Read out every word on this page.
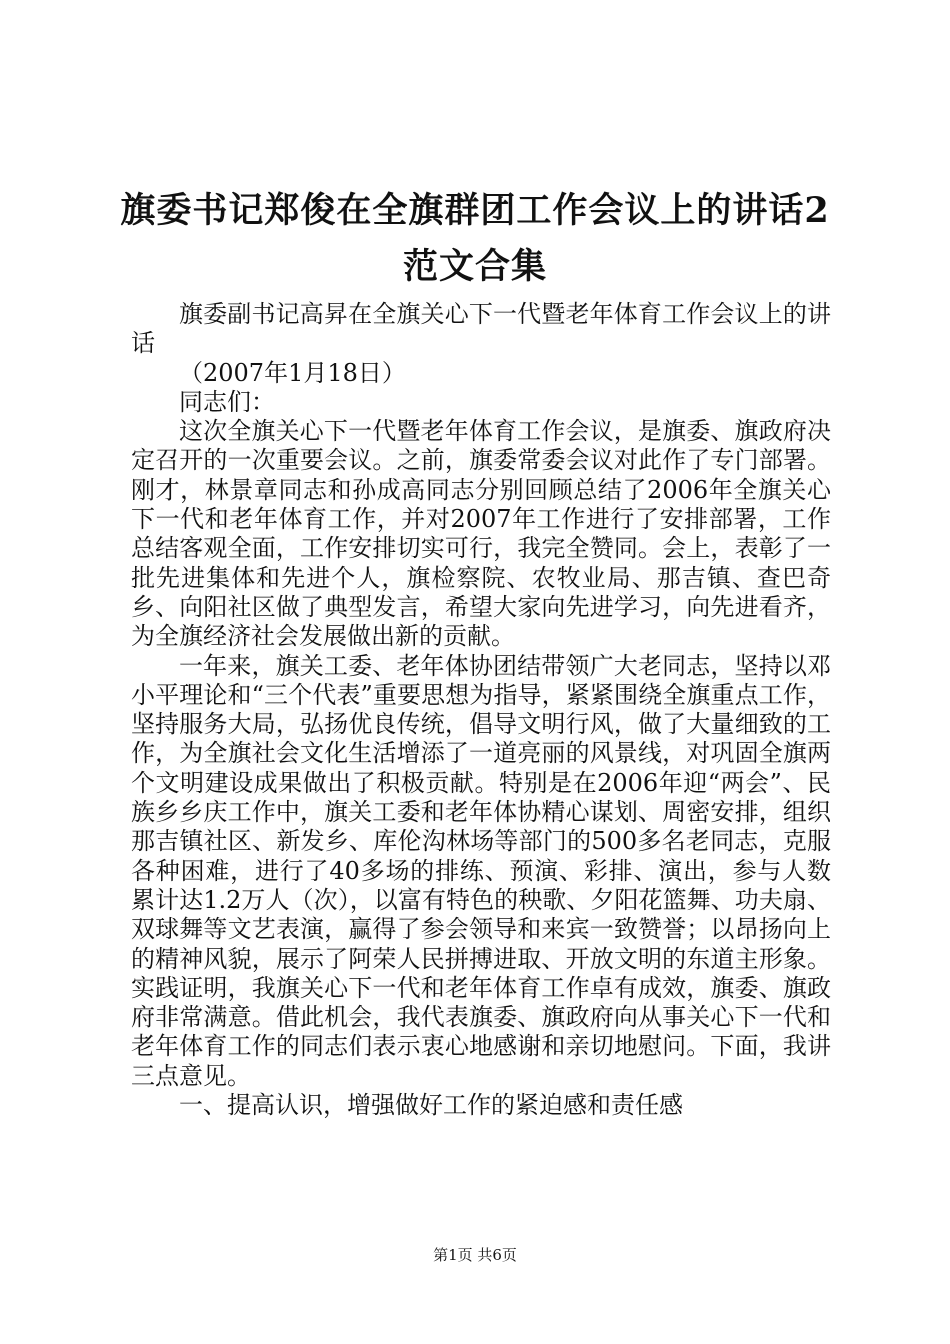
旗委书记郑俊在全旗群团工作会议上的讲话2范文合集

旗委副书记高昇在全旗关心下一代暨老年体育工作会议上的讲话

（2007年1月18日）

同志们：

这次全旗关心下一代暨老年体育工作会议，是旗委、旗政府决定召开的一次重要会议。之前，旗委常委会议对此作了专门部署。刚才，林景章同志和孙成高同志分别回顾总结了2006年全旗关心下一代和老年体育工作，并对2007年工作进行了安排部署，工作总结客观全面，工作安排切实可行，我完全赞同。会上，表彰了一批先进集体和先进个人，旗检察院、农牧业局、那吉镇、查巴奇乡、向阳社区做了典型发言，希望大家向先进学习，向先进看齐，为全旗经济社会发展做出新的贡献。

一年来，旗关工委、老年体协团结带领广大老同志，坚持以邓小平理论和“三个代表”重要思想为指导，紧紧围绕全旗重点工作，坚持服务大局，弘扬优良传统，倡导文明行风，做了大量细致的工作，为全旗社会文化生活增添了一道亮丽的风景线，对巩固全旗两个文明建设成果做出了积极贡献。特别是在2006年迎“两会”、民族乡乡庆工作中，旗关工委和老年体协精心谋划、周密安排，组织那吉镇社区、新发乡、库伦沟林场等部门的500多名老同志，克服各种困难，进行了40多场的排练、预演、彩排、演出，参与人数累计达1.2万人（次），以富有特色的秧歌、夕阳花篮舞、功夫扇、双球舞等文艺表演，赢得了参会领导和来宾一致赞誉；以昂扬向上的精神风貌，展示了阿荣人民拼搏进取、开放文明的东道主形象。实践证明，我旗关心下一代和老年体育工作卓有成效，旗委、旗政府非常满意。借此机会，我代表旗委、旗政府向从事关心下一代和老年体育工作的同志们表示衷心地感谢和亲切地慰问。下面，我讲三点意见。

一、提高认识，增强做好工作的紧迫感和责任感

第1页 共6页
